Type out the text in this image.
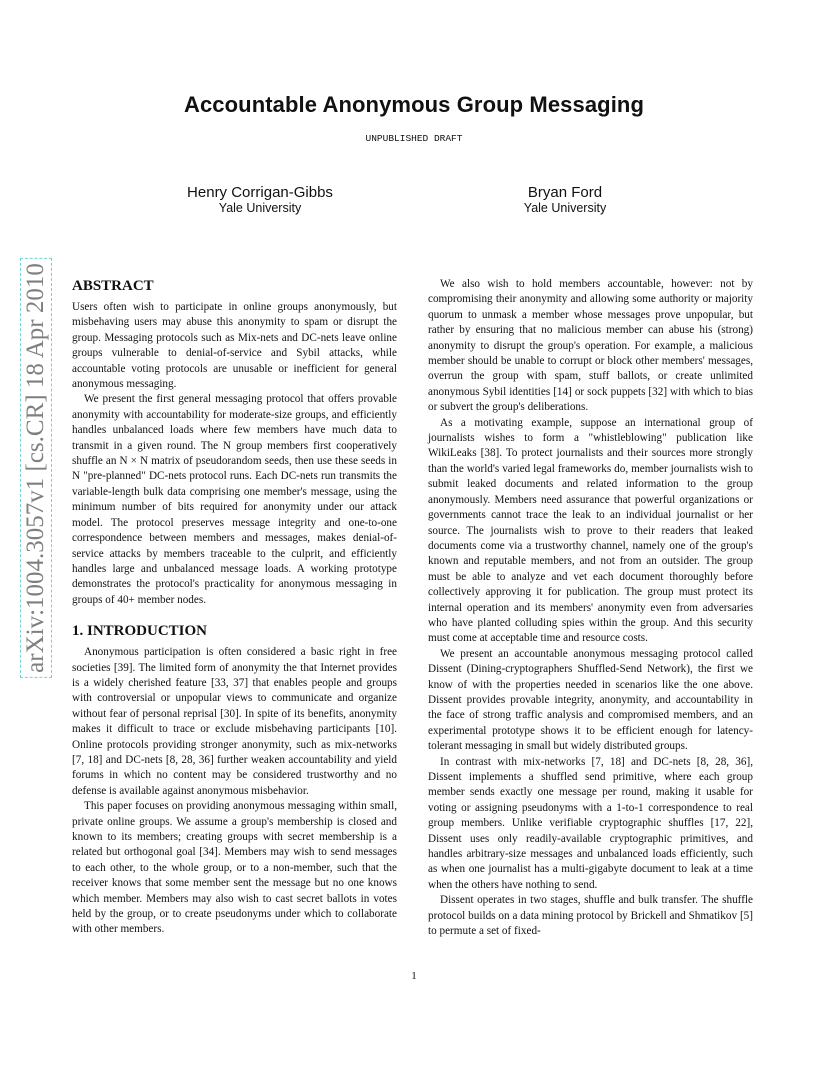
Accountable Anonymous Group Messaging
UNPUBLISHED DRAFT
Henry Corrigan-Gibbs
Yale University
Bryan Ford
Yale University
arXiv:1004.3057v1 [cs.CR] 18 Apr 2010 ABSTRACT

Users often wish to participate in online groups anonymously, but misbehaving users may abuse this anonymity to spam or disrupt the group. Messaging protocols such as Mix-nets and DC-nets leave online groups vulnerable to denial-of-service and Sybil attacks, while accountable voting protocols are unusable or inefficient for general anonymous messaging.

We present the first general messaging protocol that offers provable anonymity with accountability for moderate-size groups, and efficiently handles unbalanced loads where few members have much data to transmit in a given round. The N group members first cooperatively shuffle an N × N matrix of pseudorandom seeds, then use these seeds in N "pre-planned" DC-nets protocol runs. Each DC-nets run transmits the variable-length bulk data comprising one member's message, using the minimum number of bits required for anonymity under our attack model. The protocol preserves message integrity and one-to-one correspondence between members and messages, makes denial-of-service attacks by members traceable to the culprit, and efficiently handles large and unbalanced message loads. A working prototype demonstrates the protocol's practicality for anonymous messaging in groups of 40+ member nodes.

1. INTRODUCTION

Anonymous participation is often considered a basic right in free societies [39]. The limited form of anonymity the that Internet provides is a widely cherished feature [33, 37] that enables people and groups with controversial or unpopular views to communicate and organize without fear of personal reprisal [30]. In spite of its benefits, anonymity makes it difficult to trace or exclude misbehaving participants [10]. Online protocols providing stronger anonymity, such as mix-networks [7, 18] and DC-nets [8, 28, 36] further weaken accountability and yield forums in which no content may be considered trustworthy and no defense is available against anonymous misbehavior.

This paper focuses on providing anonymous messaging within small, private online groups. We assume a group's membership is closed and known to its members; creating groups with secret membership is a related but orthogonal goal [34]. Members may wish to send messages to each other, to the whole group, or to a non-member, such that the receiver knows that some member sent the message but no one knows which member. Members may also wish to cast secret ballots in votes held by the group, or to create pseudonyms under which to collaborate with other members.

We also wish to hold members accountable, however: not by compromising their anonymity and allowing some authority or majority quorum to unmask a member whose messages prove unpopular, but rather by ensuring that no malicious member can abuse his (strong) anonymity to disrupt the group's operation. For example, a malicious member should be unable to corrupt or block other members' messages, overrun the group with spam, stuff ballots, or create unlimited anonymous Sybil identities [14] or sock puppets [32] with which to bias or subvert the group's deliberations.

As a motivating example, suppose an international group of journalists wishes to form a "whistleblowing" publication like WikiLeaks [38]. To protect journalists and their sources more strongly than the world's varied legal frameworks do, member journalists wish to submit leaked documents and related information to the group anonymously. Members need assurance that powerful organizations or governments cannot trace the leak to an individual journalist or her source. The journalists wish to prove to their readers that leaked documents come via a trustworthy channel, namely one of the group's known and reputable members, and not from an outsider. The group must be able to analyze and vet each document thoroughly before collectively approving it for publication. The group must protect its internal operation and its members' anonymity even from adversaries who have planted colluding spies within the group. And this security must come at acceptable time and resource costs.

We present an accountable anonymous messaging protocol called Dissent (Dining-cryptographers Shuffled-Send Network), the first we know of with the properties needed in scenarios like the one above. Dissent provides provable integrity, anonymity, and accountability in the face of strong traffic analysis and compromised members, and an experimental prototype shows it to be efficient enough for latency-tolerant messaging in small but widely distributed groups.

In contrast with mix-networks [7, 18] and DC-nets [8, 28, 36], Dissent implements a shuffled send primitive, where each group member sends exactly one message per round, making it usable for voting or assigning pseudonyms with a 1-to-1 correspondence to real group members. Unlike verifiable cryptographic shuffles [17, 22], Dissent uses only readily-available cryptographic primitives, and handles arbitrary-size messages and unbalanced loads efficiently, such as when one journalist has a multi-gigabyte document to leak at a time when the others have nothing to send.

Dissent operates in two stages, shuffle and bulk transfer. The shuffle protocol builds on a data mining protocol by Brickell and Shmatikov [5] to permute a set of fixed-

1
